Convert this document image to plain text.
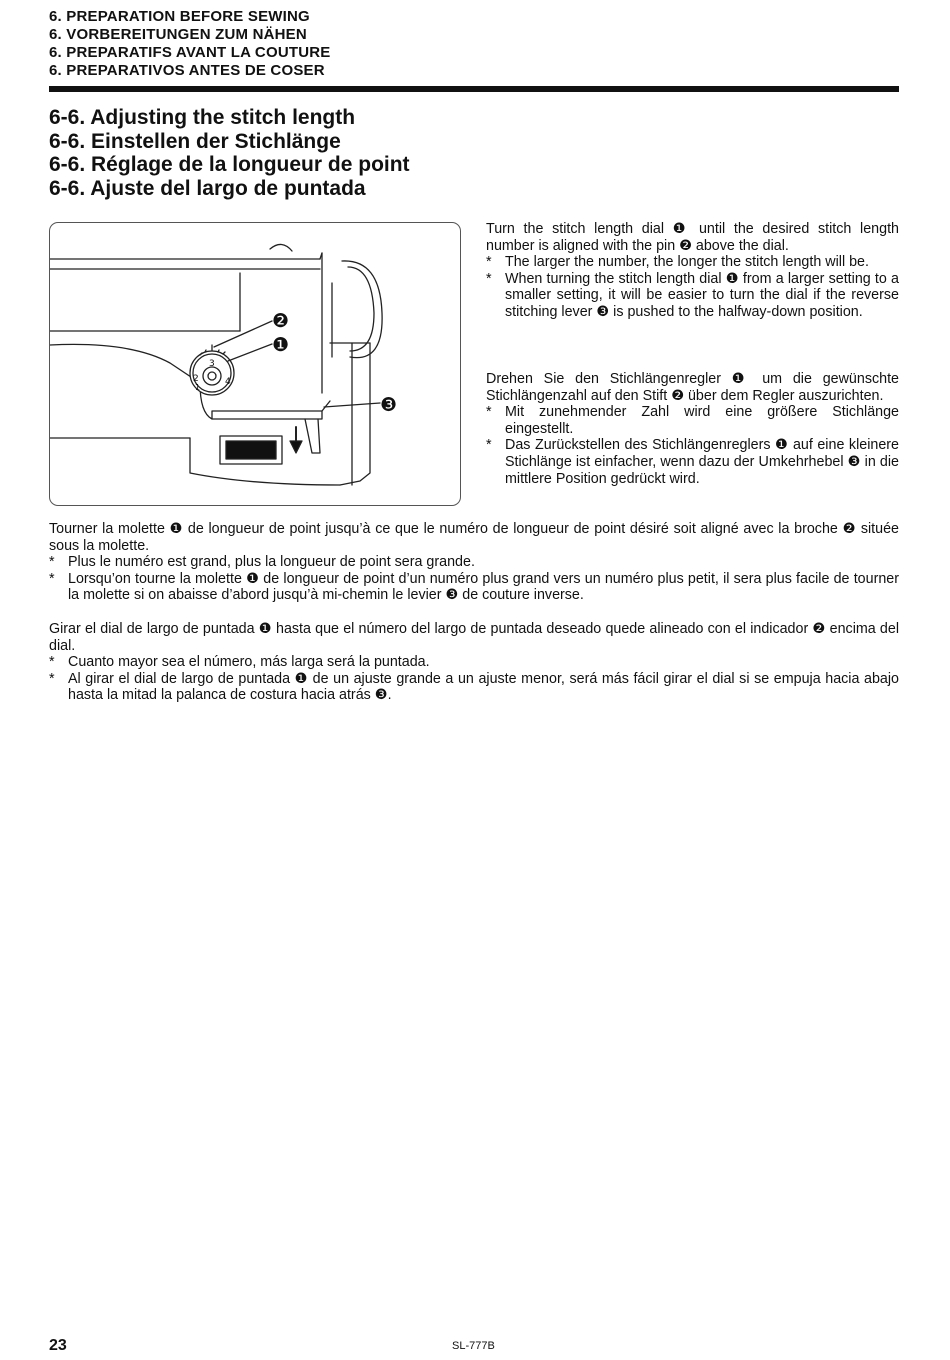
6. PREPARATION BEFORE SEWING
6. VORBEREITUNGEN ZUM NÄHEN
6. PREPARATIFS AVANT LA COUTURE
6. PREPARATIVOS ANTES DE COSER
6-6. Adjusting the stitch length
6-6. Einstellen der Stichlänge
6-6. Réglage de la longueur de point
6-6. Ajuste del largo de puntada
3
4
2
1
❷
❶
❸

Turn the stitch length dial ❶ until the desired stitch length number is aligned with the pin ❷ above the dial.

* The larger the number, the longer the stitch length will be.
* When turning the stitch length dial ❶ from a larger setting to a smaller setting, it will be easier to turn the dial if the reverse stitching lever ❸ is pushed to the halfway-down position.

Drehen Sie den Stichlängenregler ❶ um die gewünschte Stichlängenzahl auf den Stift ❷ über dem Regler auszurichten.

* Mit zunehmender Zahl wird eine größere Stichlänge eingestellt.
* Das Zurückstellen des Stichlängenreglers ❶ auf eine kleinere Stichlänge ist einfacher, wenn dazu der Umkehrhebel ❸ in die mittlere Position gedrückt wird.

Tourner la molette ❶ de longueur de point jusqu’à ce que le numéro de longueur de point désiré soit aligné avec la broche ❷ située sous la molette.

* Plus le numéro est grand, plus la longueur de point sera grande.
* Lorsqu’on tourne la molette ❶ de longueur de point d’un numéro plus grand vers un numéro plus petit, il sera plus facile de tourner la molette si on abaisse d’abord jusqu’à mi-chemin le levier ❸ de couture inverse.

Girar el dial de largo de puntada ❶ hasta que el número del largo de puntada deseado quede alineado con el indicador ❷ encima del dial.

* Cuanto mayor sea el número, más larga será la puntada.
* Al girar el dial de largo de puntada ❶ de un ajuste grande a un ajuste menor, será más fácil girar el dial si se empuja hacia abajo hasta la mitad la palanca de costura hacia atrás ❸.
23	SL-777B
